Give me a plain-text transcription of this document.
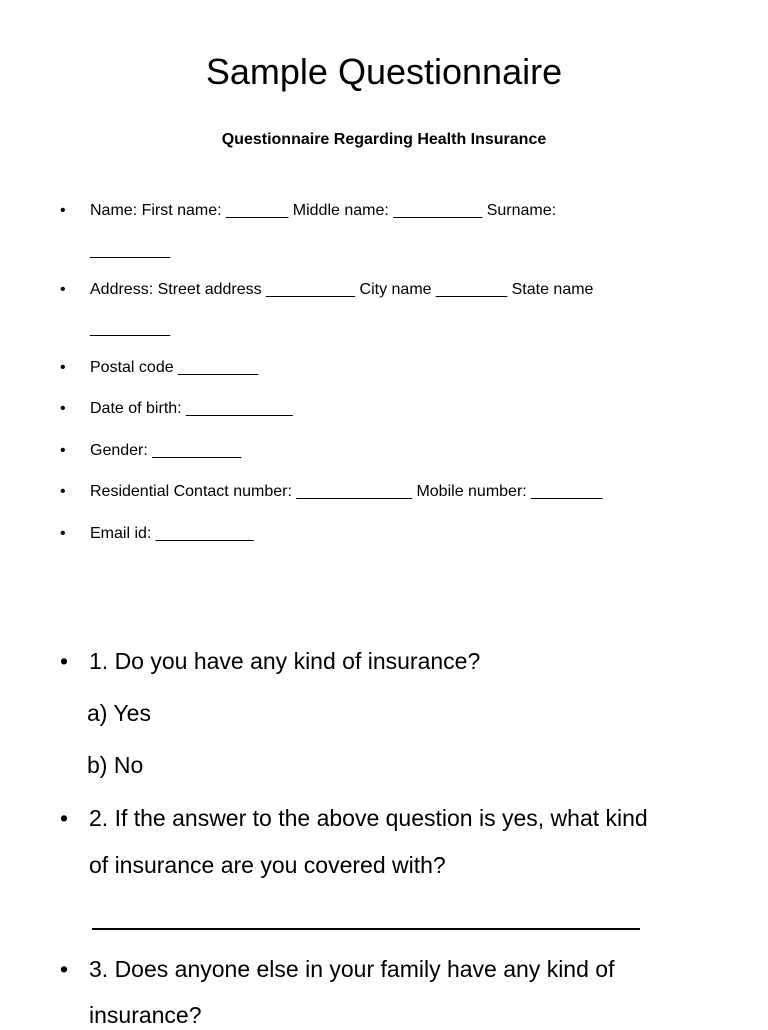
Sample Questionnaire
Questionnaire Regarding Health Insurance
•	Name: First name: _______ Middle name: __________ Surname:
_________
•	Address: Street address __________ City name ________ State name
_________
•	Postal code _________
•	Date of birth: ____________
•	Gender: __________
•	Residential Contact number: _____________ Mobile number: ________
•	Email id: ___________
• 1. Do you have any kind of insurance?
a) Yes
b) No
• 2. If the answer to the above question is yes, what kind
of insurance are you covered with?
• 3. Does anyone else in your family have any kind of
insurance?
